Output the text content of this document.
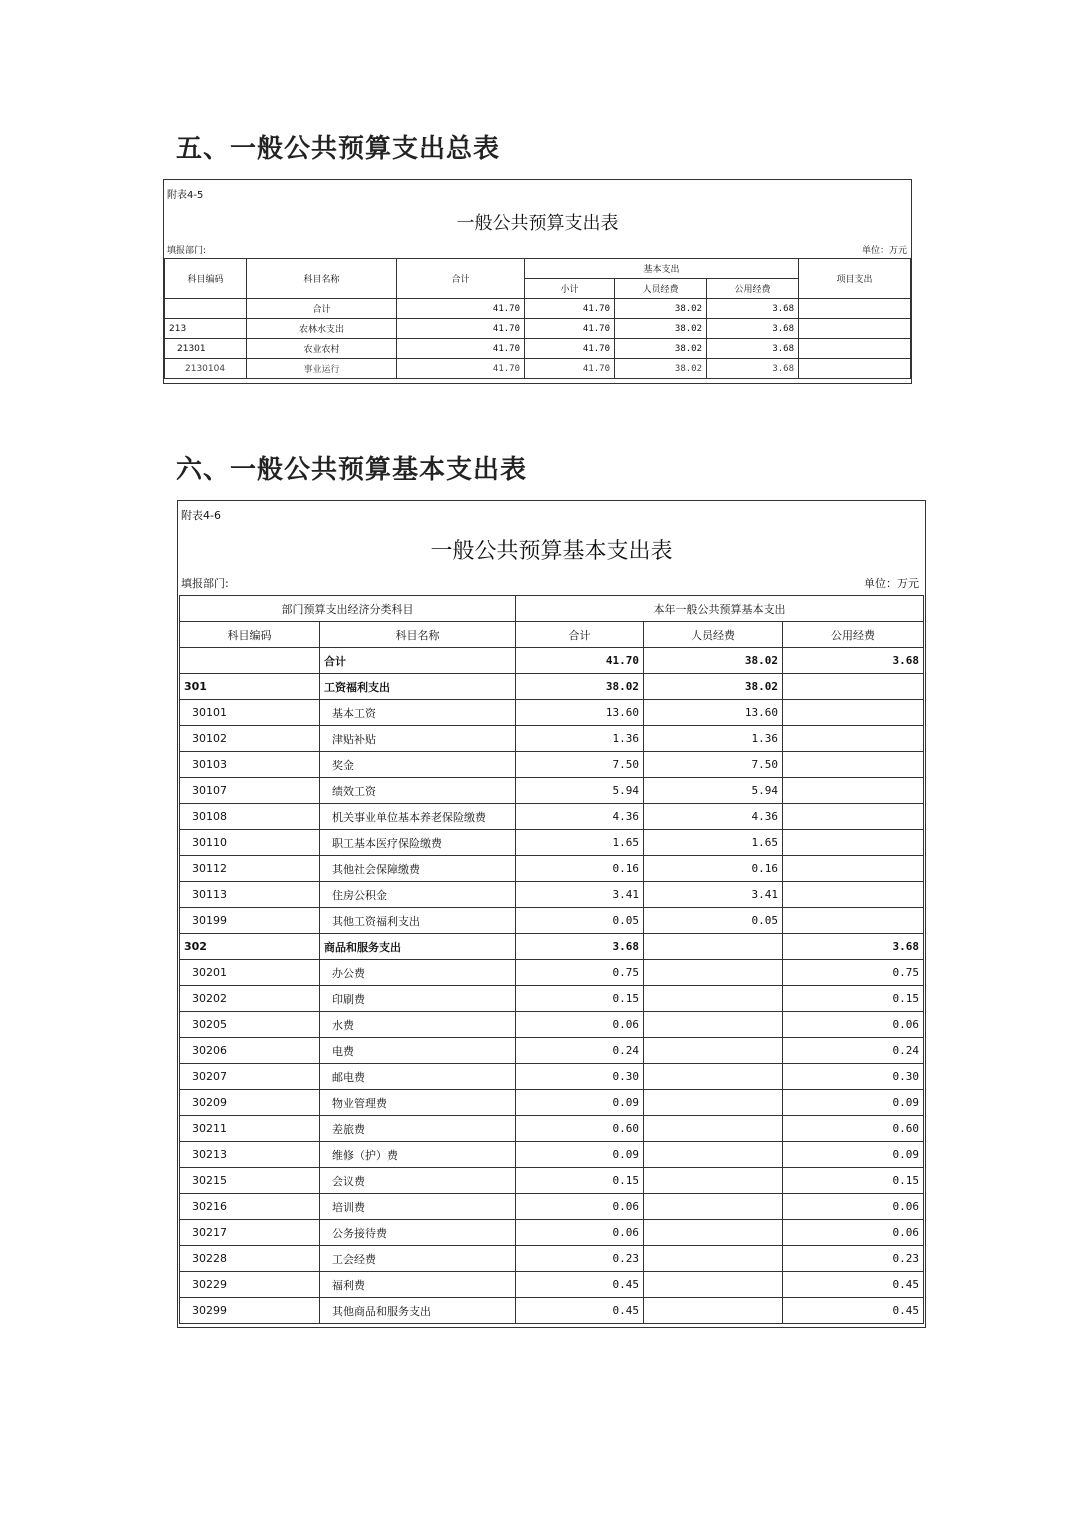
五、一般公共预算支出总表
附表4-5
一般公共预算支出表
填报部门:	单位：万元
科目编码	科目名称	合计	基本支出			项目支出
			小计	人员经费	公用经费	
	合计	41.70	41.70	38.02	3.68	
213	农林水支出	41.70	41.70	38.02	3.68	
21301	农业农村	41.70	41.70	38.02	3.68	
2130104	事业运行	41.70	41.70	38.02	3.68	
六、一般公共预算基本支出表
附表4-6
一般公共预算基本支出表
填报部门:	单位：万元
部门预算支出经济分类科目		本年一般公共预算基本支出		
科目编码	科目名称	合计	人员经费	公用经费
	合计	41.70	38.02	3.68
301	工资福利支出	38.02	38.02	
30101	基本工资	13.60	13.60	
30102	津贴补贴	1.36	1.36	
30103	奖金	7.50	7.50	
30107	绩效工资	5.94	5.94	
30108	机关事业单位基本养老保险缴费	4.36	4.36	
30110	职工基本医疗保险缴费	1.65	1.65	
30112	其他社会保障缴费	0.16	0.16	
30113	住房公积金	3.41	3.41	
30199	其他工资福利支出	0.05	0.05	
302	商品和服务支出	3.68		3.68
30201	办公费	0.75		0.75
30202	印刷费	0.15		0.15
30205	水费	0.06		0.06
30206	电费	0.24		0.24
30207	邮电费	0.30		0.30
30209	物业管理费	0.09		0.09
30211	差旅费	0.60		0.60
30213	维修（护）费	0.09		0.09
30215	会议费	0.15		0.15
30216	培训费	0.06		0.06
30217	公务接待费	0.06		0.06
30228	工会经费	0.23		0.23
30229	福利费	0.45		0.45
30299	其他商品和服务支出	0.45		0.45
